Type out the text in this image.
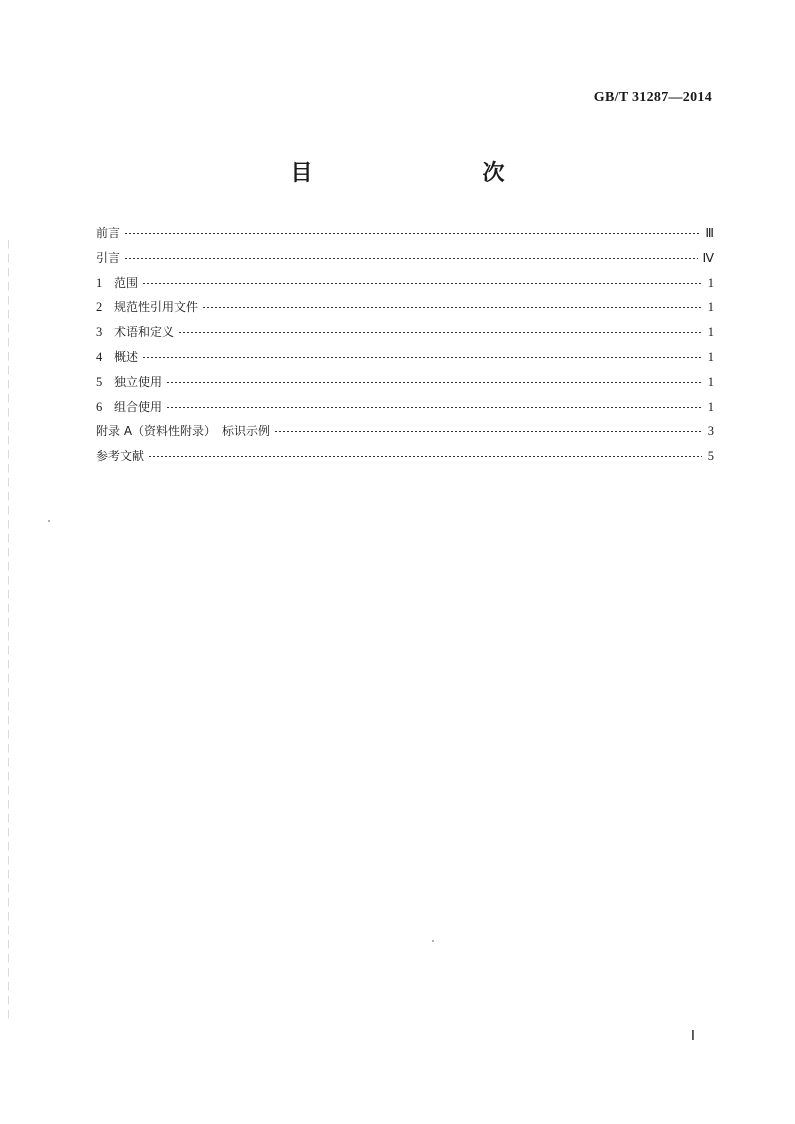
GB/T 31287—2014
目　　次
前言	Ⅲ
引言	Ⅳ
1 范围	1
2 规范性引用文件	1
3 术语和定义	1
4 概述	1
5 独立使用	1
6 组合使用	1
附录 A（资料性附录）　标识示例	3
参考文献	5
Ⅰ
